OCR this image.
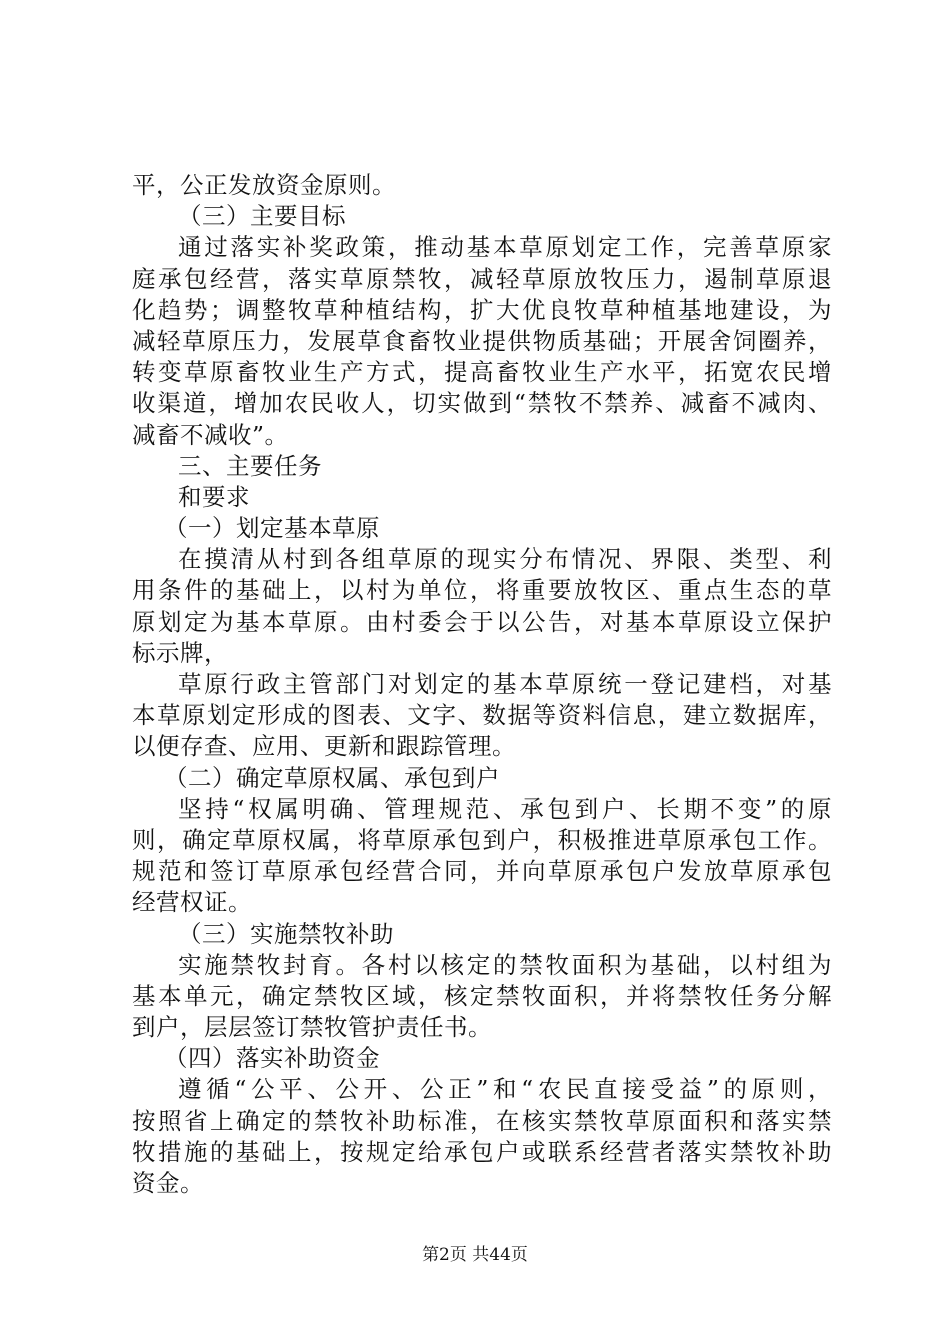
平，公正发放资金原则。
（三）主要目标
通过落实补奖政策，推动基本草原划定工作，完善草原家
庭承包经营，落实草原禁牧，减轻草原放牧压力，遏制草原退
化趋势；调整牧草种植结构，扩大优良牧草种植基地建设，为
减轻草原压力，发展草食畜牧业提供物质基础；开展舍饲圈养，
转变草原畜牧业生产方式，提高畜牧业生产水平，拓宽农民增
收渠道，增加农民收人，切实做到“禁牧不禁养、减畜不减肉、
减畜不减收”。
三、主要任务
和要求
（一）划定基本草原
在摸清从村到各组草原的现实分布情况、界限、类型、利
用条件的基础上，以村为单位，将重要放牧区、重点生态的草
原划定为基本草原。由村委会于以公告，对基本草原设立保护
标示牌，
草原行政主管部门对划定的基本草原统一登记建档，对基
本草原划定形成的图表、文字、数据等资料信息，建立数据库，
以便存查、应用、更新和跟踪管理。
（二）确定草原权属、承包到户
坚持“权属明确、管理规范、承包到户、长期不变”的原
则，确定草原权属，将草原承包到户，积极推进草原承包工作。
规范和签订草原承包经营合同，并向草原承包户发放草原承包
经营权证。
（三）实施禁牧补助
实施禁牧封育。各村以核定的禁牧面积为基础，以村组为
基本单元，确定禁牧区域，核定禁牧面积，并将禁牧任务分解
到户，层层签订禁牧管护责任书。
（四）落实补助资金
遵循“公平、公开、公正”和“农民直接受益”的原则，
按照省上确定的禁牧补助标准，在核实禁牧草原面积和落实禁
牧措施的基础上，按规定给承包户或联系经营者落实禁牧补助
资金。
第2页 共44页
